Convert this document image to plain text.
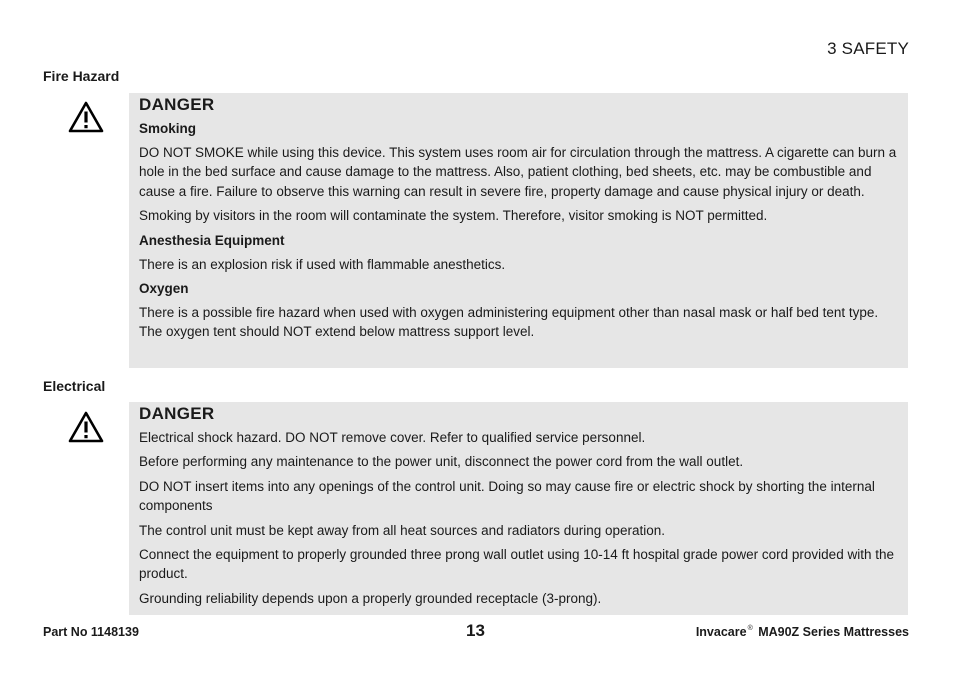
3 SAFETY
Fire Hazard
DANGER
Smoking

DO NOT SMOKE while using this device. This system uses room air for circulation through the mattress. A cigarette can burn a hole in the bed surface and cause damage to the mattress. Also, patient clothing, bed sheets, etc. may be combustible and cause a fire. Failure to observe this warning can result in severe fire, property damage and cause physical injury or death.

Smoking by visitors in the room will contaminate the system. Therefore, visitor smoking is NOT permitted.

Anesthesia Equipment

There is an explosion risk if used with flammable anesthetics.

Oxygen

There is a possible fire hazard when used with oxygen administering equipment other than nasal mask or half bed tent type. The oxygen tent should NOT extend below mattress support level.

Electrical
DANGER

Electrical shock hazard. DO NOT remove cover. Refer to qualified service personnel.

Before performing any maintenance to the power unit, disconnect the power cord from the wall outlet.

DO NOT insert items into any openings of the control unit. Doing so may cause fire or electric shock by shorting the internal components

The control unit must be kept away from all heat sources and radiators during operation.

Connect the equipment to properly grounded three prong wall outlet using 10-14 ft hospital grade power cord provided with the product.

Grounding reliability depends upon a properly grounded receptacle (3-prong).

Part No 1148139	13	Invacare® MA90Z Series Mattresses
